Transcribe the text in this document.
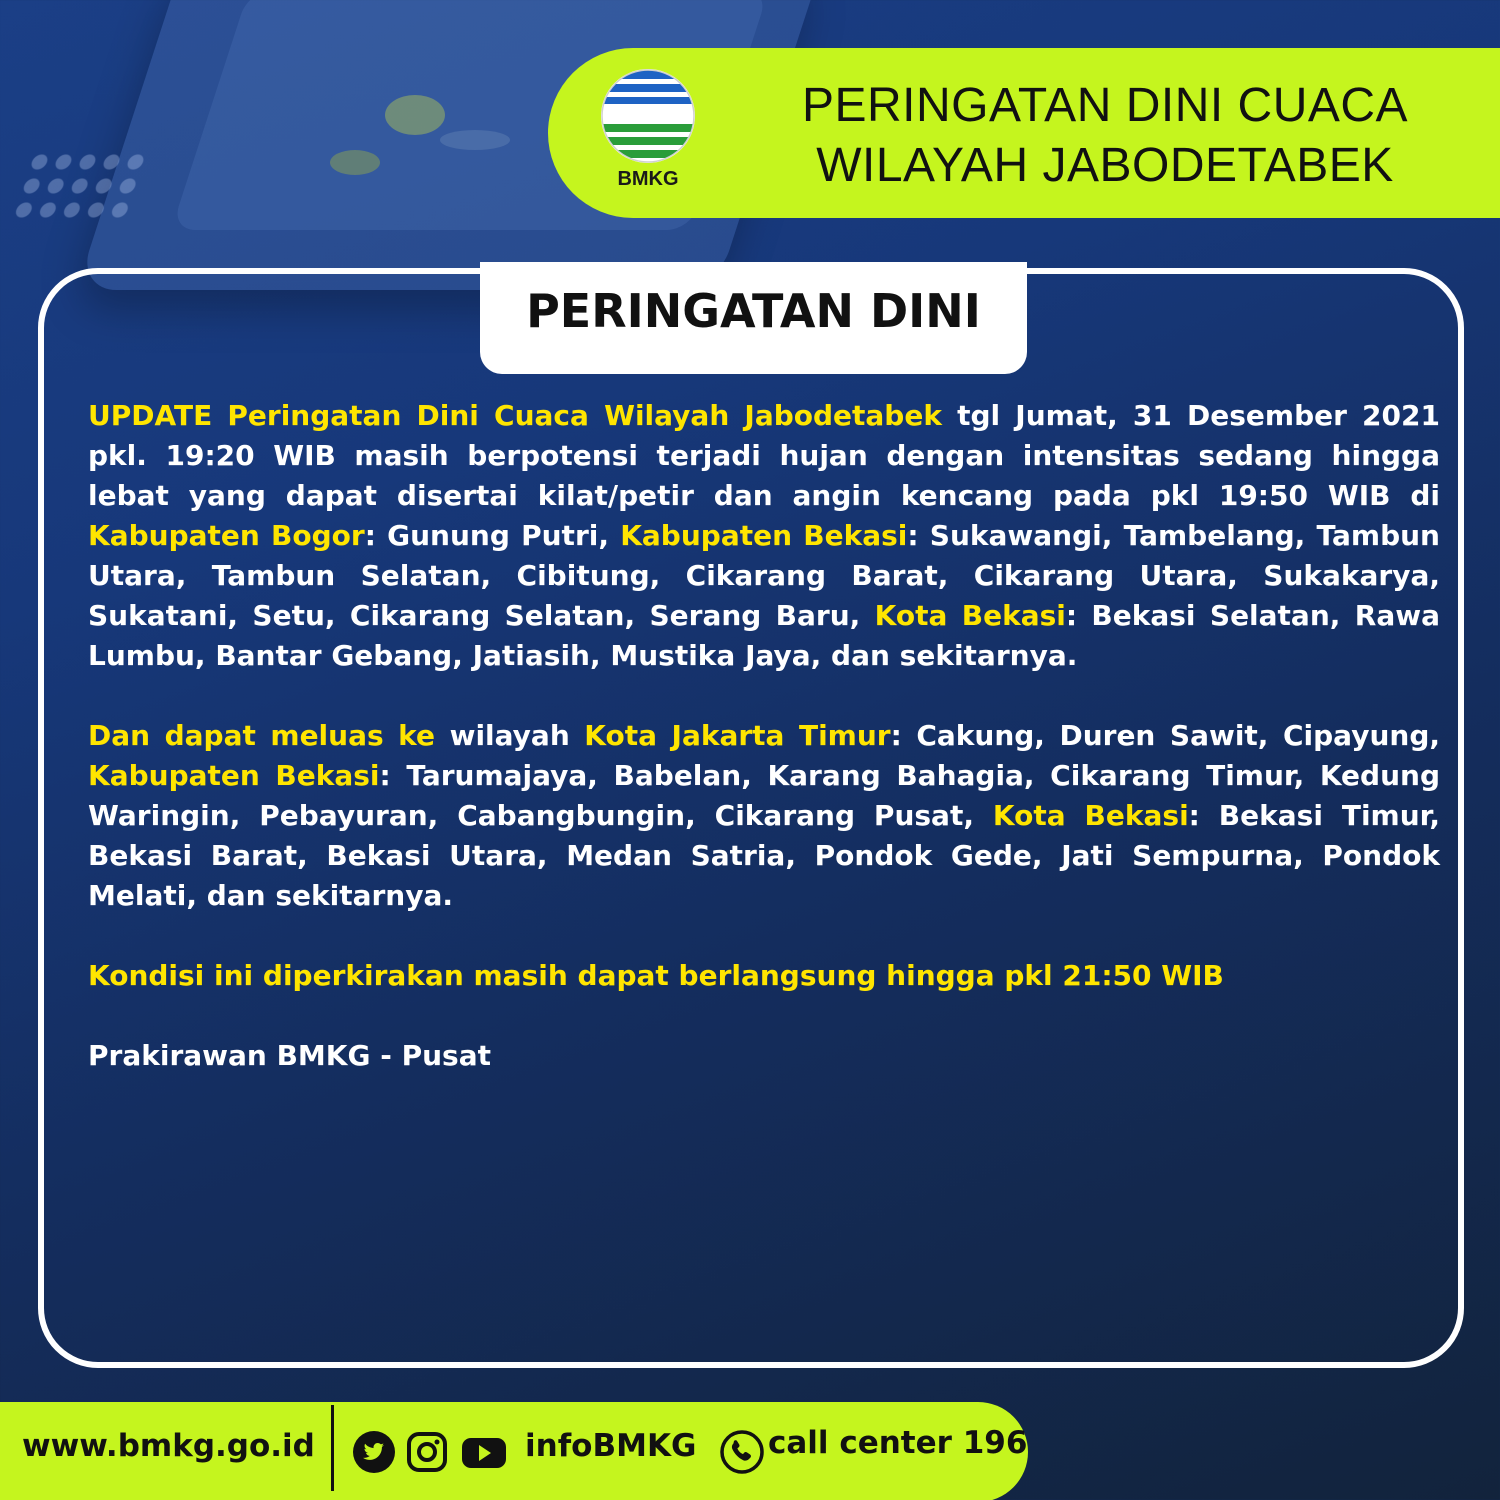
BMKG
PERINGATAN DINI CUACA
WILAYAH JABODETABEK
PERINGATAN DINI

UPDATE Peringatan Dini Cuaca Wilayah Jabodetabek tgl Jumat, 31 Desember 2021 pkl. 19:20 WIB masih berpotensi terjadi hujan dengan intensitas sedang hingga lebat yang dapat disertai kilat/petir dan angin kencang pada pkl 19:50 WIB di Kabupaten Bogor: Gunung Putri, Kabupaten Bekasi: Sukawangi, Tambelang, Tambun Utara, Tambun Selatan, Cibitung, Cikarang Barat, Cikarang Utara, Sukakarya, Sukatani, Setu, Cikarang Selatan, Serang Baru, Kota Bekasi: Bekasi Selatan, Rawa Lumbu, Bantar Gebang, Jatiasih, Mustika Jaya, dan sekitarnya.

Dan dapat meluas ke wilayah Kota Jakarta Timur: Cakung, Duren Sawit, Cipayung, Kabupaten Bekasi: Tarumajaya, Babelan, Karang Bahagia, Cikarang Timur, Kedung Waringin, Pebayuran, Cabangbungin, Cikarang Pusat, Kota Bekasi: Bekasi Timur, Bekasi Barat, Bekasi Utara, Medan Satria, Pondok Gede, Jati Sempurna, Pondok Melati, dan sekitarnya.

Kondisi ini diperkirakan masih dapat berlangsung hingga pkl 21:50 WIB

Prakirawan BMKG - Pusat

www.bmkg.go.id	infoBMKG call center 196
